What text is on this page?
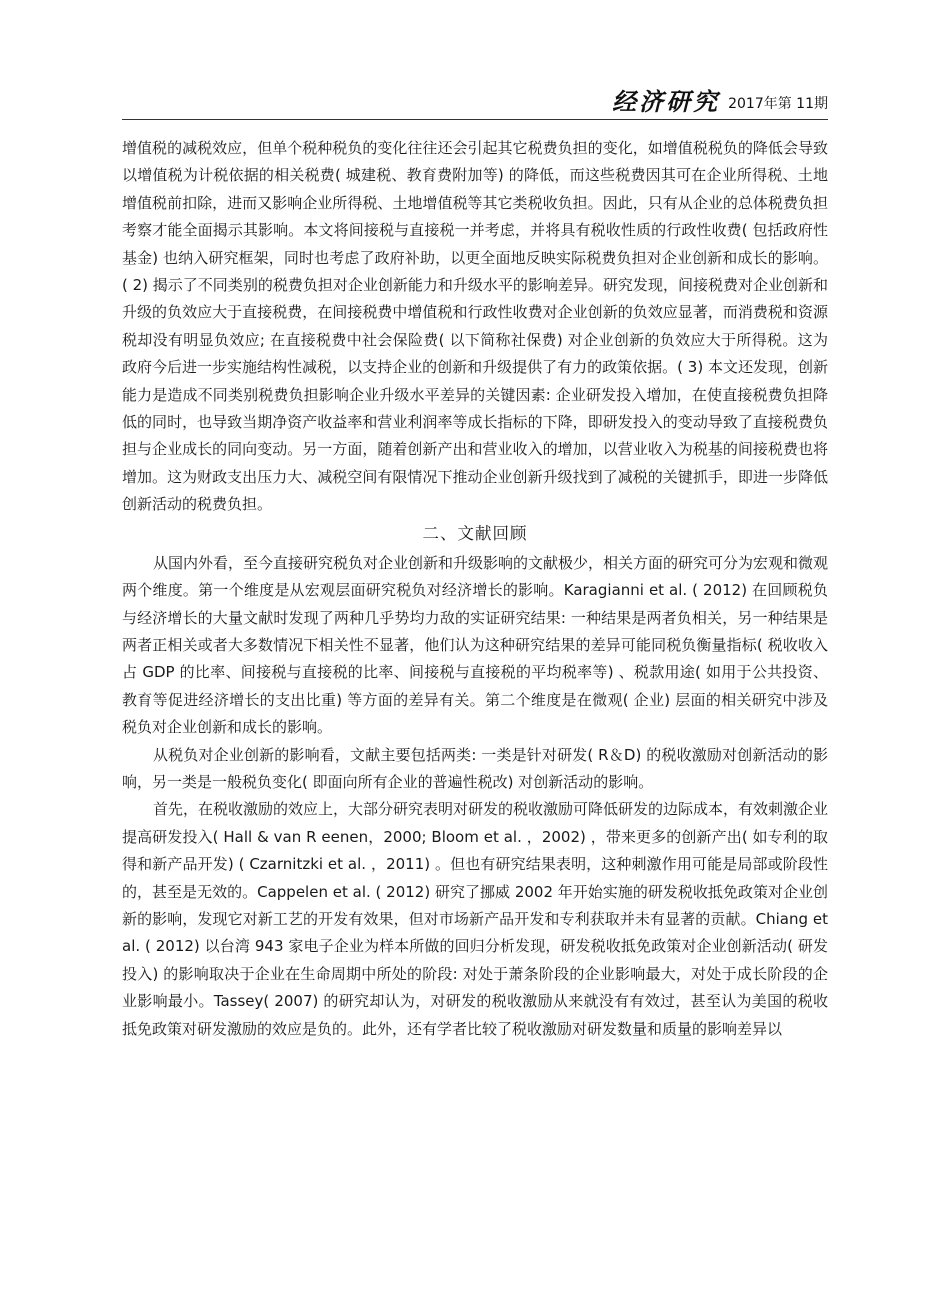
经济研究 2017年第 11期

增值税的减税效应，但单个税种税负的变化往往还会引起其它税费负担的变化，如增值税税负的降低会导致以增值税为计税依据的相关税费( 城建税、教育费附加等) 的降低，而这些税费因其可在企业所得税、土地增值税前扣除，进而又影响企业所得税、土地增值税等其它类税收负担。因此，只有从企业的总体税费负担考察才能全面揭示其影响。本文将间接税与直接税一并考虑，并将具有税收性质的行政性收费( 包括政府性基金) 也纳入研究框架，同时也考虑了政府补助，以更全面地反映实际税费负担对企业创新和成长的影响。( 2) 揭示了不同类别的税费负担对企业创新能力和升级水平的影响差异。研究发现，间接税费对企业创新和升级的负效应大于直接税费，在间接税费中增值税和行政性收费对企业创新的负效应显著，而消费税和资源税却没有明显负效应; 在直接税费中社会保险费( 以下简称社保费) 对企业创新的负效应大于所得税。这为政府今后进一步实施结构性减税，以支持企业的创新和升级提供了有力的政策依据。( 3) 本文还发现，创新能力是造成不同类别税费负担影响企业升级水平差异的关键因素: 企业研发投入增加，在使直接税费负担降低的同时，也导致当期净资产收益率和营业利润率等成长指标的下降，即研发投入的变动导致了直接税费负担与企业成长的同向变动。另一方面，随着创新产出和营业收入的增加，以营业收入为税基的间接税费也将增加。这为财政支出压力大、减税空间有限情况下推动企业创新升级找到了减税的关键抓手，即进一步降低创新活动的税费负担。

二、文献回顾

从国内外看，至今直接研究税负对企业创新和升级影响的文献极少，相关方面的研究可分为宏观和微观两个维度。第一个维度是从宏观层面研究税负对经济增长的影响。Karagianni et al. ( 2012) 在回顾税负与经济增长的大量文献时发现了两种几乎势均力敌的实证研究结果: 一种结果是两者负相关，另一种结果是两者正相关或者大多数情况下相关性不显著，他们认为这种研究结果的差异可能同税负衡量指标( 税收收入占 GDP 的比率、间接税与直接税的比率、间接税与直接税的平均税率等) 、税款用途( 如用于公共投资、教育等促进经济增长的支出比重) 等方面的差异有关。第二个维度是在微观( 企业) 层面的相关研究中涉及税负对企业创新和成长的影响。

从税负对企业创新的影响看，文献主要包括两类: 一类是针对研发( R＆D) 的税收激励对创新活动的影响，另一类是一般税负变化( 即面向所有企业的普遍性税改) 对创新活动的影响。

首先，在税收激励的效应上，大部分研究表明对研发的税收激励可降低研发的边际成本，有效刺激企业提高研发投入( Hall & van R eenen，2000; Bloom et al. ，2002) ，带来更多的创新产出( 如专利的取得和新产品开发) ( Czarnitzki et al. ，2011) 。但也有研究结果表明，这种刺激作用可能是局部或阶段性的，甚至是无效的。Cappelen et al. ( 2012) 研究了挪威 2002 年开始实施的研发税收抵免政策对企业创新的影响，发现它对新工艺的开发有效果，但对市场新产品开发和专利获取并未有显著的贡献。Chiang et al. ( 2012) 以台湾 943 家电子企业为样本所做的回归分析发现，研发税收抵免政策对企业创新活动( 研发投入) 的影响取决于企业在生命周期中所处的阶段: 对处于萧条阶段的企业影响最大，对处于成长阶段的企业影响最小。Tassey( 2007) 的研究却认为，对研发的税收激励从来就没有有效过，甚至认为美国的税收抵免政策对研发激励的效应是负的。此外，还有学者比较了税收激励对研发数量和质量的影响差异以
